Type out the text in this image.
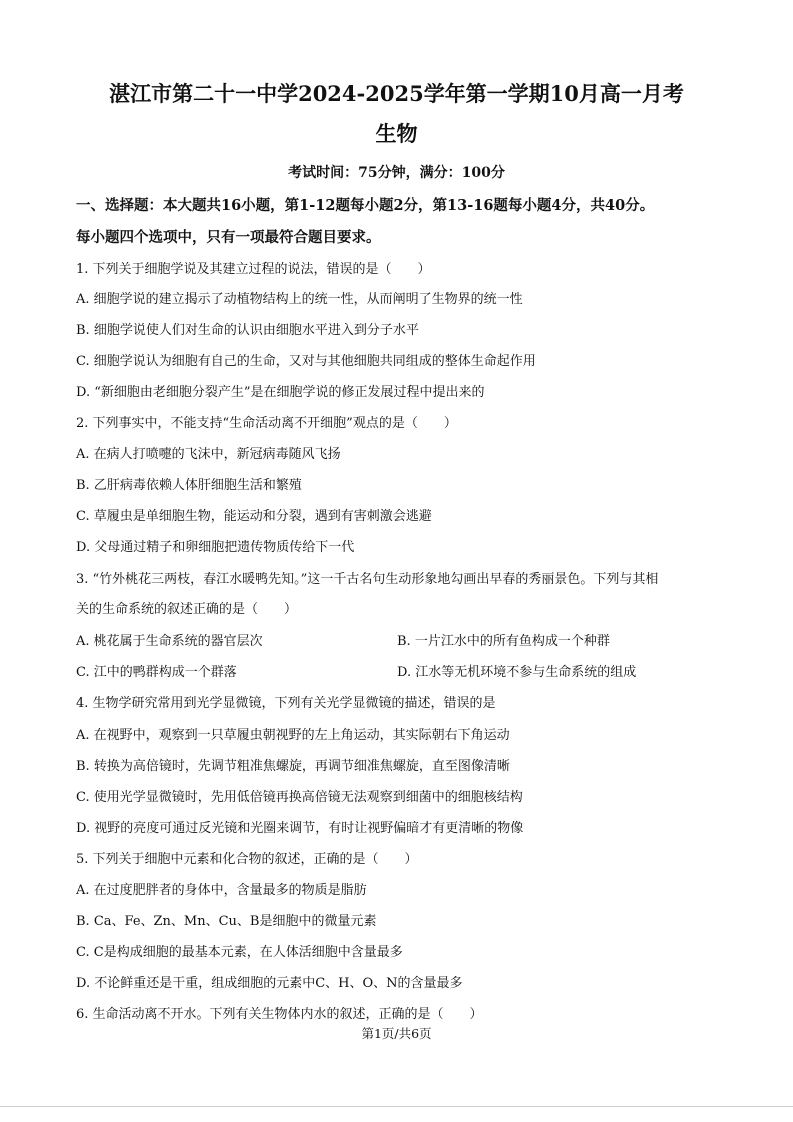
湛江市第二十一中学2024-2025学年第一学期10月高一月考
生物
考试时间：75分钟，满分：100分
一、选择题：本大题共16小题，第1-12题每小题2分，第13-16题每小题4分，共40分。
每小题四个选项中，只有一项最符合题目要求。
1. 下列关于细胞学说及其建立过程的说法，错误的是（　　）
A. 细胞学说的建立揭示了动植物结构上的统一性，从而阐明了生物界的统一性
B. 细胞学说使人们对生命的认识由细胞水平进入到分子水平
C. 细胞学说认为细胞有自己的生命，又对与其他细胞共同组成的整体生命起作用
D. “新细胞由老细胞分裂产生”是在细胞学说的修正发展过程中提出来的
2. 下列事实中，不能支持“生命活动离不开细胞”观点的是（　　）
A. 在病人打喷嚏的飞沫中，新冠病毒随风飞扬
B. 乙肝病毒依赖人体肝细胞生活和繁殖
C. 草履虫是单细胞生物，能运动和分裂，遇到有害刺激会逃避
D. 父母通过精子和卵细胞把遗传物质传给下一代
3. “竹外桃花三两枝，春江水暖鸭先知。”这一千古名句生动形象地勾画出早春的秀丽景色。下列与其相
关的生命系统的叙述正确的是（　　）
A. 桃花属于生命系统的器官层次	B. 一片江水中的所有鱼构成一个种群
C. 江中的鸭群构成一个群落	D. 江水等无机环境不参与生命系统的组成
4. 生物学研究常用到光学显微镜，下列有关光学显微镜的描述，错误的是
A. 在视野中，观察到一只草履虫朝视野的左上角运动，其实际朝右下角运动
B. 转换为高倍镜时，先调节粗准焦螺旋，再调节细准焦螺旋，直至图像清晰
C. 使用光学显微镜时，先用低倍镜再换高倍镜无法观察到细菌中的细胞核结构
D. 视野的亮度可通过反光镜和光圈来调节，有时让视野偏暗才有更清晰的物像
5. 下列关于细胞中元素和化合物的叙述，正确的是（　　）
A. 在过度肥胖者的身体中，含量最多的物质是脂肪
B. Ca、Fe、Zn、Mn、Cu、B是细胞中的微量元素
C. C是构成细胞的最基本元素，在人体活细胞中含量最多
D. 不论鲜重还是干重，组成细胞的元素中C、H、O、N的含量最多
6. 生命活动离不开水。下列有关生物体内水的叙述，正确的是（　　）
第1页/共6页
